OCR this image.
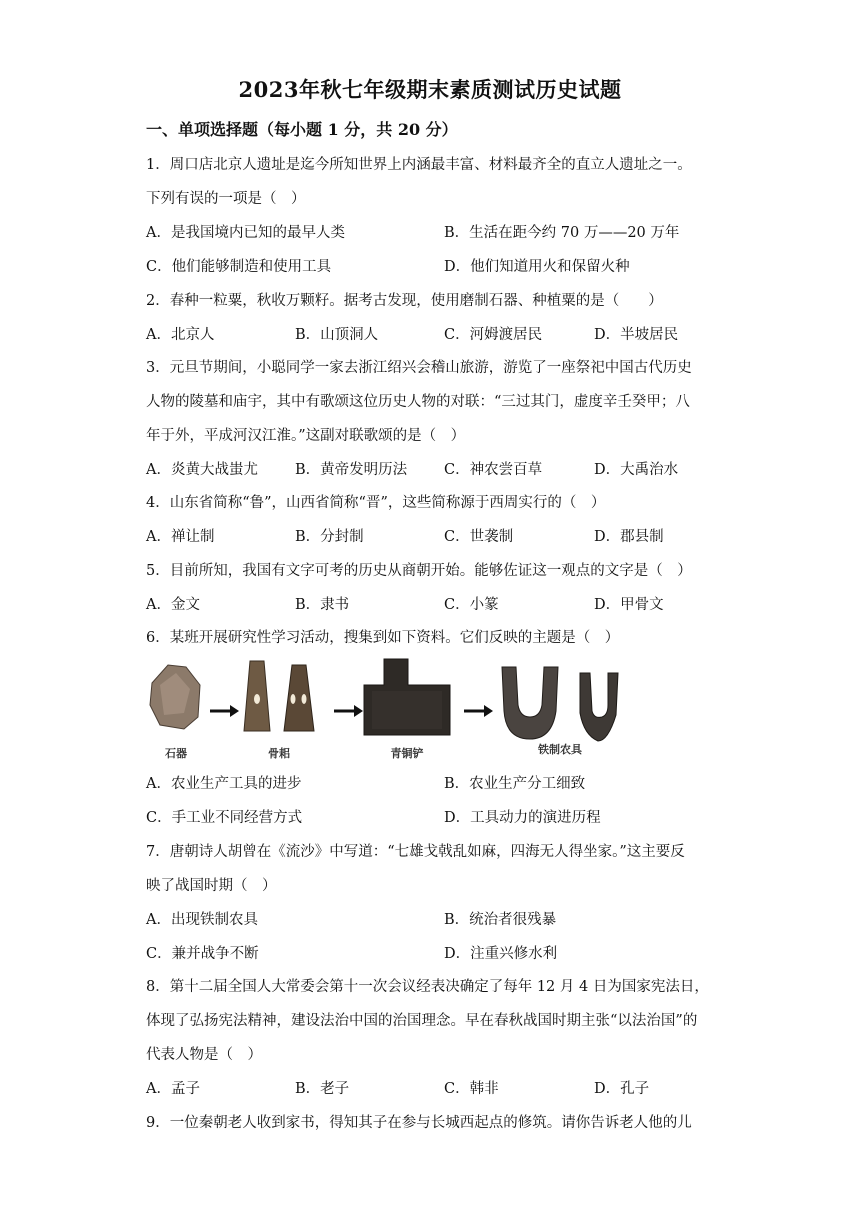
2023年秋七年级期末素质测试历史试题
一、单项选择题（每小题 1 分，共 20 分）
1．周口店北京人遗址是迄今所知世界上内涵最丰富、材料最齐全的直立人遗址之一。
下列有误的一项是（　）
A．是我国境内已知的最早人类	B．生活在距今约 70 万——20 万年
C．他们能够制造和使用工具	D．他们知道用火和保留火种
2．春种一粒粟，秋收万颗籽。据考古发现，使用磨制石器、种植粟的是（　　）
A．北京人	B．山顶洞人	C．河姆渡居民	D．半坡居民
3．元旦节期间，小聪同学一家去浙江绍兴会稽山旅游，游览了一座祭祀中国古代历史
人物的陵墓和庙宇，其中有歌颂这位历史人物的对联：“三过其门，虚度辛壬癸甲；八
年于外，平成河汉江淮。”这副对联歌颂的是（　）
A．炎黄大战蚩尤	B．黄帝发明历法	C．神农尝百草	D．大禹治水
4．山东省简称“鲁”，山西省简称“晋”，这些简称源于西周实行的（　）
A．禅让制	B．分封制	C．世袭制	D．郡县制
5．目前所知，我国有文字可考的历史从商朝开始。能够佐证这一观点的文字是（　）
A．金文	B．隶书	C．小篆	D．甲骨文
6．某班开展研究性学习活动，搜集到如下资料。它们反映的主题是（　）
石器	骨耜	青铜铲	铁制农具
A．农业生产工具的进步	B．农业生产分工细致
C．手工业不同经营方式	D．工具动力的演进历程
7．唐朝诗人胡曾在《流沙》中写道：“七雄戈戟乱如麻，四海无人得坐家。”这主要反
映了战国时期（　）
A．出现铁制农具	B．统治者很残暴
C．兼并战争不断	D．注重兴修水利
8．第十二届全国人大常委会第十一次会议经表决确定了每年 12 月 4 日为国家宪法日，
体现了弘扬宪法精神，建设法治中国的治国理念。早在春秋战国时期主张“以法治国”的
代表人物是（　）
A．孟子	B．老子	C．韩非	D．孔子
9．一位秦朝老人收到家书，得知其子在参与长城西起点的修筑。请你告诉老人他的儿
